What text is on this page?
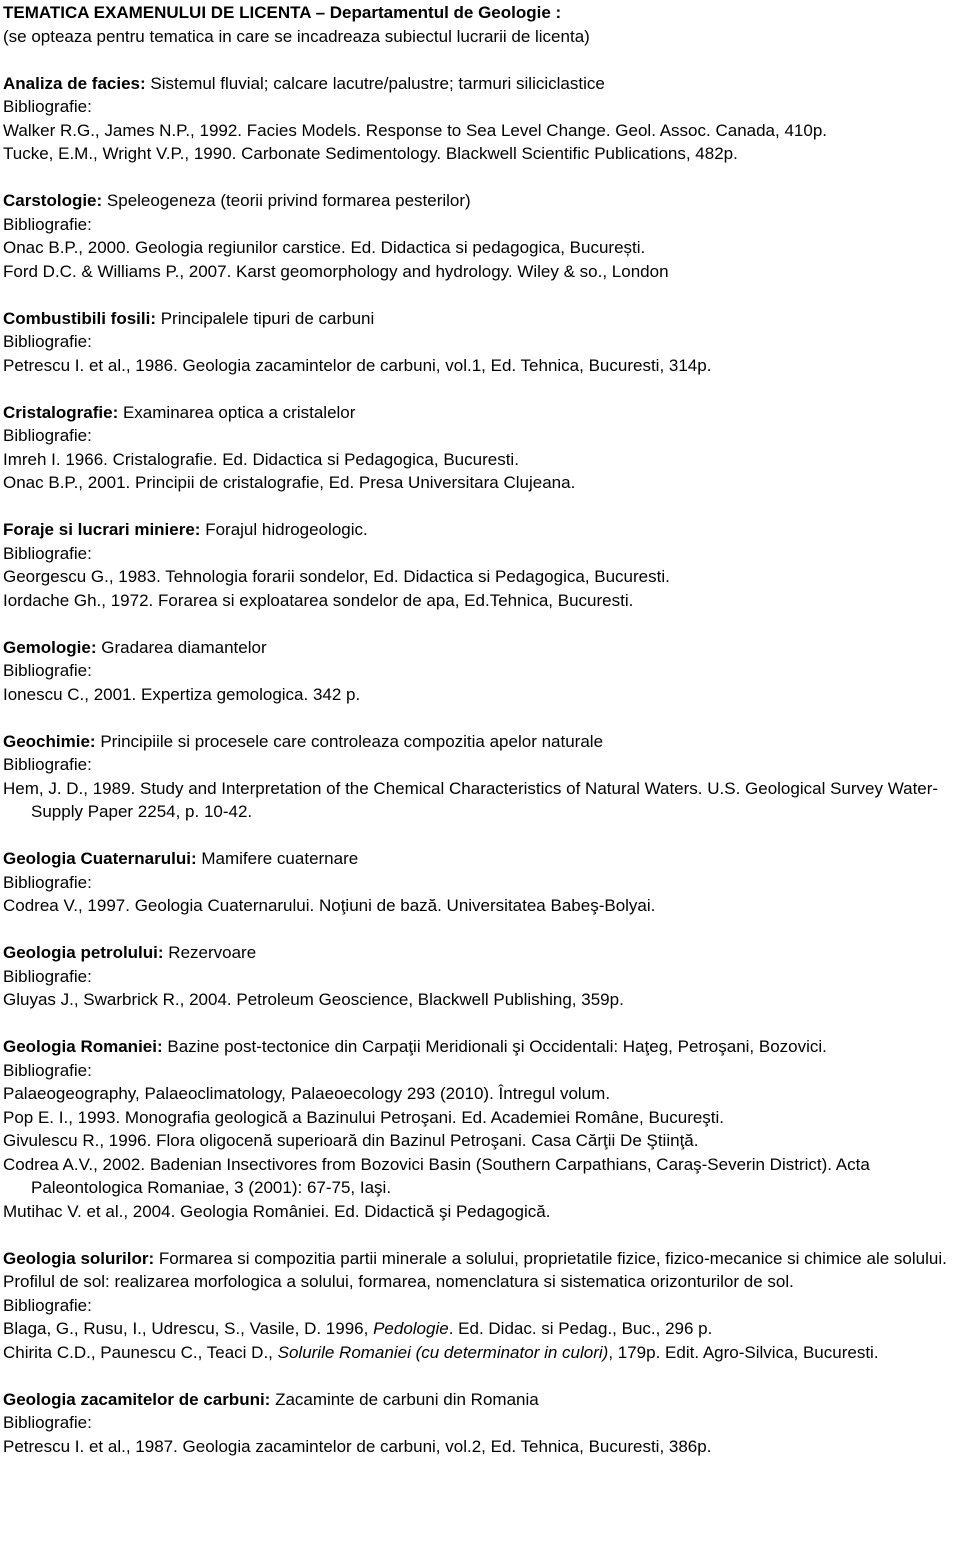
TEMATICA EXAMENULUI DE LICENTA – Departamentul de Geologie :
(se opteaza pentru tematica in care se incadreaza subiectul lucrarii de licenta)
Analiza de facies: Sistemul fluvial; calcare lacutre/palustre; tarmuri siliciclastice
Bibliografie:
Walker R.G., James N.P., 1992. Facies Models. Response to Sea Level Change. Geol. Assoc. Canada, 410p.
Tucke, E.M., Wright V.P., 1990. Carbonate Sedimentology. Blackwell Scientific Publications, 482p.
Carstologie: Speleogeneza (teorii privind formarea pesterilor)
Bibliografie:
Onac B.P., 2000. Geologia regiunilor carstice. Ed. Didactica si pedagogica, București.
Ford D.C. & Williams P., 2007. Karst geomorphology and hydrology. Wiley & so., London
Combustibili fosili: Principalele tipuri de carbuni
Bibliografie:
Petrescu I. et al., 1986. Geologia zacamintelor de carbuni, vol.1, Ed. Tehnica, Bucuresti, 314p.
Cristalografie: Examinarea optica a cristalelor
Bibliografie:
Imreh I. 1966. Cristalografie. Ed. Didactica si Pedagogica, Bucuresti.
Onac B.P., 2001. Principii de cristalografie, Ed. Presa Universitara Clujeana.
Foraje si lucrari miniere: Forajul hidrogeologic.
Bibliografie:
Georgescu G., 1983. Tehnologia forarii sondelor, Ed. Didactica si Pedagogica, Bucuresti.
Iordache Gh., 1972. Forarea si exploatarea sondelor de apa, Ed.Tehnica, Bucuresti.
Gemologie: Gradarea diamantelor
Bibliografie:
Ionescu C., 2001. Expertiza gemologica. 342 p.
Geochimie: Principiile si procesele care controleaza compozitia apelor naturale
Bibliografie:
Hem, J. D., 1989. Study and Interpretation of the Chemical Characteristics of Natural Waters. U.S. Geological Survey Water-Supply Paper 2254, p. 10-42.
Geologia Cuaternarului: Mamifere cuaternare
Bibliografie:
Codrea V., 1997. Geologia Cuaternarului. Noţiuni de bază. Universitatea Babeş-Bolyai.
Geologia petrolului: Rezervoare
Bibliografie:
Gluyas J., Swarbrick R., 2004. Petroleum Geoscience, Blackwell Publishing, 359p.
Geologia Romaniei: Bazine post-tectonice din Carpaţii Meridionali şi Occidentali: Haţeg, Petroşani, Bozovici.
Bibliografie:
Palaeogeography, Palaeoclimatology, Palaeoecology 293 (2010). Întregul volum.
Pop E. I., 1993. Monografia geologică a Bazinului Petroşani. Ed. Academiei Române, Bucureşti.
Givulescu R., 1996. Flora oligocenă superioară din Bazinul Petroşani. Casa Cărţii De Ştiinţă.
Codrea A.V., 2002. Badenian Insectivores from Bozovici Basin (Southern Carpathians, Caraş-Severin District). Acta Paleontologica Romaniae, 3 (2001): 67-75, Iaşi.
Mutihac V. et al., 2004. Geologia României. Ed. Didactică şi Pedagogică.
Geologia solurilor: Formarea si compozitia partii minerale a solului, proprietatile fizice, fizico-mecanice si chimice ale solului. Profilul de sol: realizarea morfologica a solului, formarea, nomenclatura si sistematica orizonturilor de sol.
Bibliografie:
Blaga, G., Rusu, I., Udrescu, S., Vasile, D. 1996, Pedologie. Ed. Didac. si Pedag., Buc., 296 p.
Chirita C.D., Paunescu C., Teaci D., Solurile Romaniei (cu determinator in culori), 179p. Edit. Agro-Silvica, Bucuresti.
Geologia zacamitelor de carbuni: Zacaminte de carbuni din Romania
Bibliografie:
Petrescu I. et al., 1987. Geologia zacamintelor de carbuni, vol.2, Ed. Tehnica, Bucuresti, 386p.
